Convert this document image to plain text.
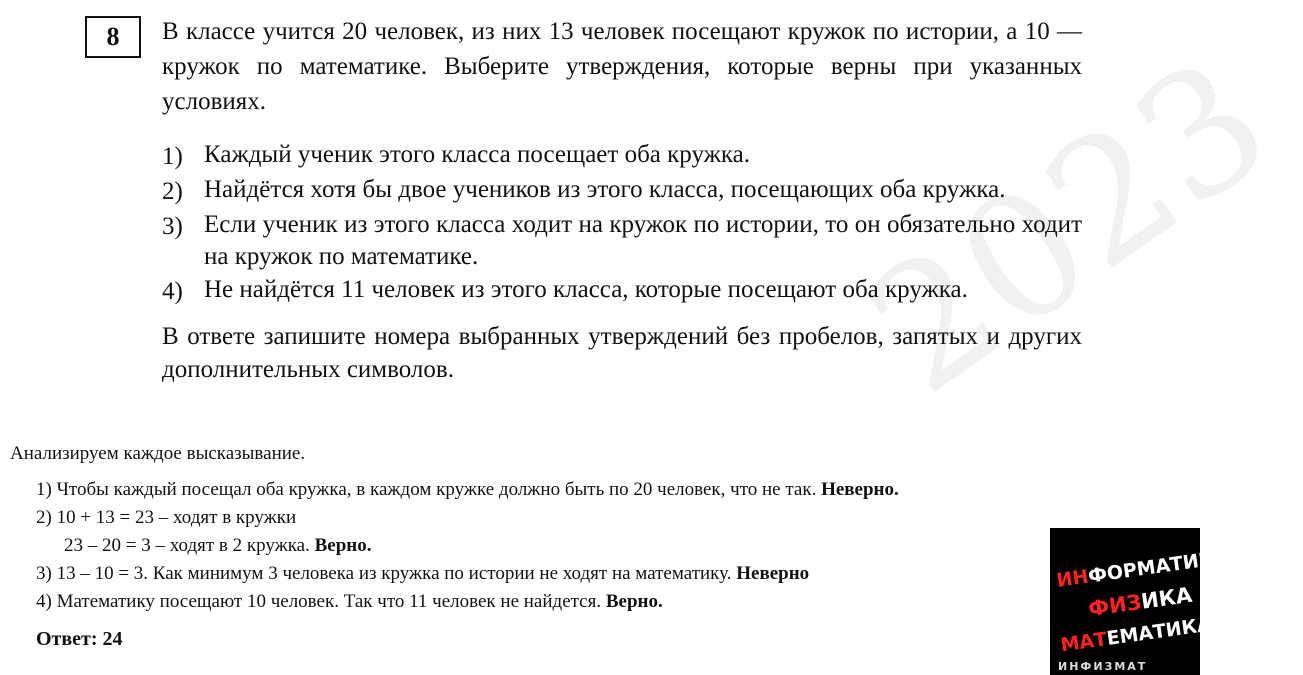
2023
8 В классе учится 20 человек, из них 13 человек посещают кружок по истории, а 10 — кружок по математике. Выберите утверждения, которые верны при указанных условиях.
1) Каждый ученик этого класса посещает оба кружка.
2) Найдётся хотя бы двое учеников из этого класса, посещающих оба кружка.
3) Если ученик из этого класса ходит на кружок по истории, то он обязательно ходит на кружок по математике.
4) Не найдётся 11 человек из этого класса, которые посещают оба кружка.
В ответе запишите номера выбранных утверждений без пробелов, запятых и других дополнительных символов.
Анализируем каждое высказывание.
1) Чтобы каждый посещал оба кружка, в каждом кружке должно быть по 20 человек, что не так. Неверно.
2) 10 + 13 = 23 – ходят в кружки
23 – 20 = 3 – ходят в 2 кружка. Верно.
3) 13 – 10 = 3. Как минимум 3 человека из кружка по истории не ходят на математику. Неверно
4) Математику посещают 10 человек. Так что 11 человек не найдется. Верно.
Ответ: 24
ИНФОРМАТИКА
ФИЗИКА
МАТЕМАТИКА
ИНФИЗМАТ
